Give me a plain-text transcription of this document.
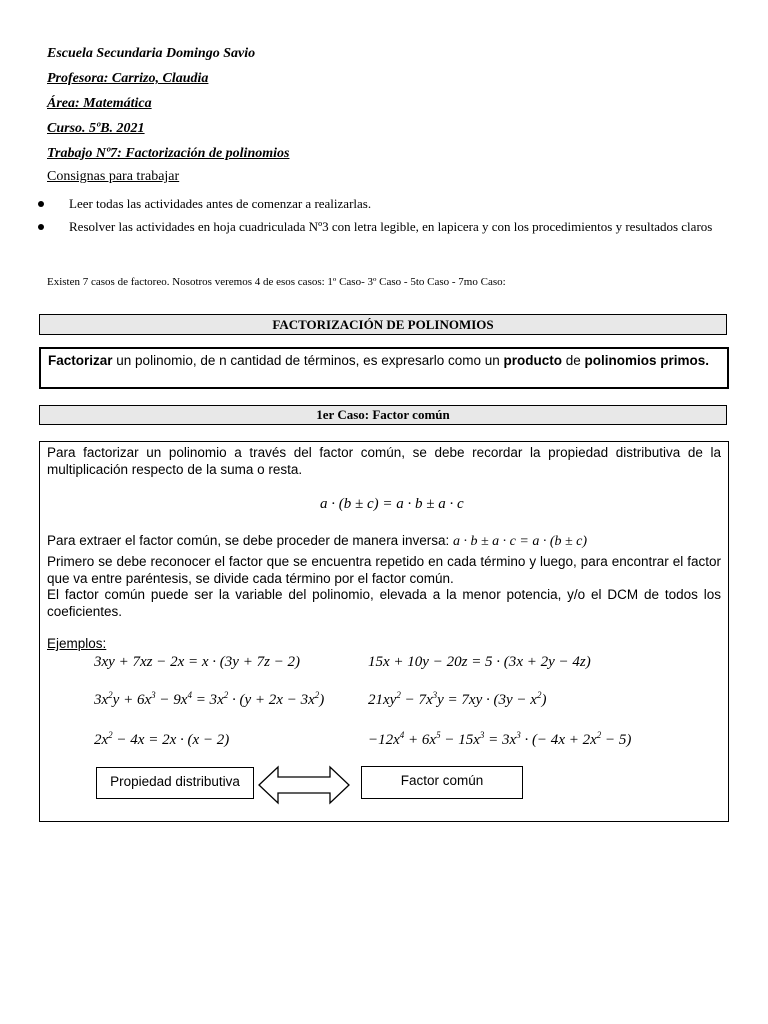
Escuela Secundaria Domingo Savio
Profesora: Carrizo, Claudia
Área: Matemática
Curso. 5ºB. 2021
Trabajo Nº7: Factorización de polinomios
Consignas para trabajar
Leer todas las actividades antes de comenzar a realizarlas.
Resolver las actividades en hoja cuadriculada Nº3 con letra legible, en lapicera y con los procedimientos y resultados claros
Existen 7 casos de factoreo. Nosotros veremos 4 de esos casos: 1º Caso- 3º Caso - 5to Caso - 7mo Caso:
FACTORIZACIÓN DE POLINOMIOS
Factorizar un polinomio, de n cantidad de términos, es expresarlo como un producto de polinomios primos.
1er Caso: Factor común
Para factorizar un polinomio a través del factor común, se debe recordar la propiedad distributiva de la multiplicación respecto de la suma o resta.
a · (b ± c) = a · b ± a · c
Para extraer el factor común, se debe proceder de manera inversa: a · b ± a · c = a · (b ± c)
Primero se debe reconocer el factor que se encuentra repetido en cada término y luego, para encontrar el factor que va entre paréntesis, se divide cada término por el factor común.
El factor común puede ser la variable del polinomio, elevada a la menor potencia, y/o el DCM de todos los coeficientes.
Ejemplos:
3xy + 7xz − 2x = x · (3y + 7z − 2)	15x + 10y − 20z = 5 · (3x + 2y − 4z)
$3x^2y + 6x^3 - 9x^4 = 3x^2 \cdot (y + 2x - 3x^2)$	$21xy^2 - 7x^3y = 7xy \cdot (3y - x^2)$
$2x^2 - 4x = 2x \cdot (x - 2)$	$-12x^4 + 6x^5 - 15x^3 = 3x^3$ · (− $4x + 2x^2 - 5$)
Propiedad distributiva	Factor común
